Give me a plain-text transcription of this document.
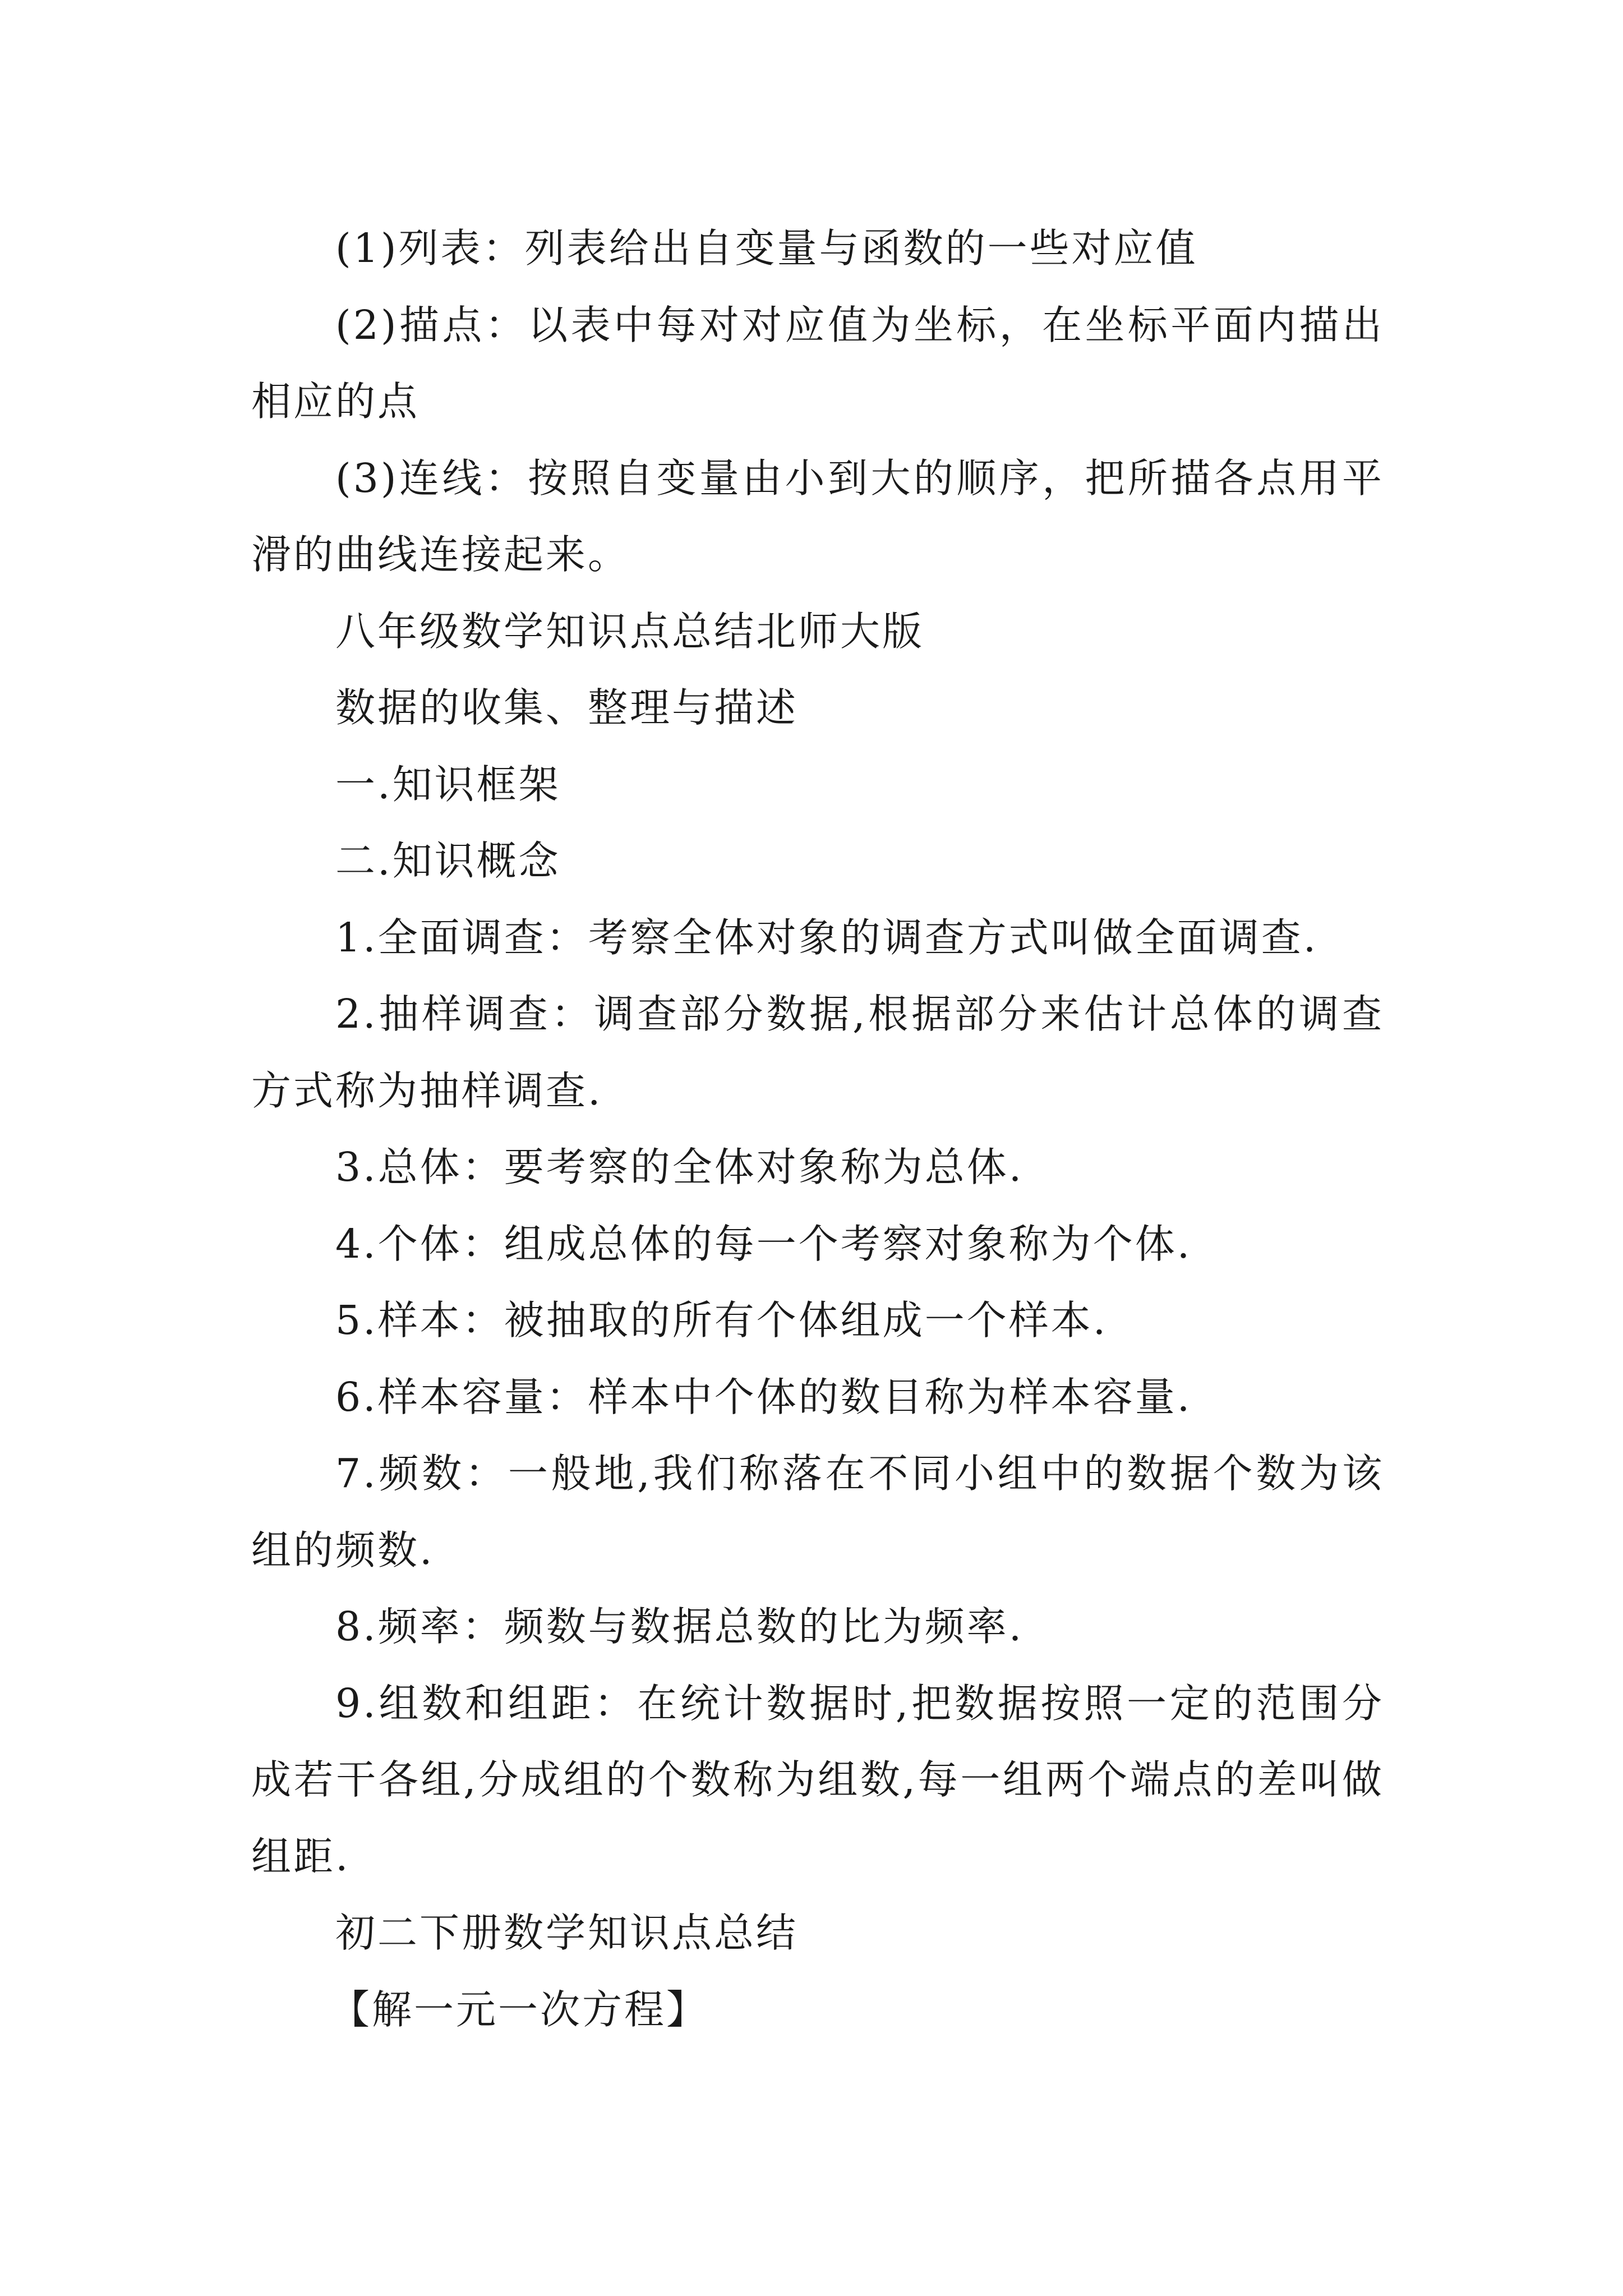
(1)列表：列表给出自变量与函数的一些对应值

(2)描点：以表中每对对应值为坐标，在坐标平面内描出相应的点

(3)连线：按照自变量由小到大的顺序，把所描各点用平滑的曲线连接起来。

八年级数学知识点总结北师大版

数据的收集、整理与描述

一.知识框架

二.知识概念

1.全面调查：考察全体对象的调查方式叫做全面调查.

2.抽样调查：调查部分数据,根据部分来估计总体的调查方式称为抽样调查.

3.总体：要考察的全体对象称为总体.

4.个体：组成总体的每一个考察对象称为个体.

5.样本：被抽取的所有个体组成一个样本.

6.样本容量：样本中个体的数目称为样本容量.

7.频数：一般地,我们称落在不同小组中的数据个数为该组的频数.

8.频率：频数与数据总数的比为频率.

9.组数和组距：在统计数据时,把数据按照一定的范围分成若干各组,分成组的个数称为组数,每一组两个端点的差叫做组距.

初二下册数学知识点总结

【解一元一次方程】
